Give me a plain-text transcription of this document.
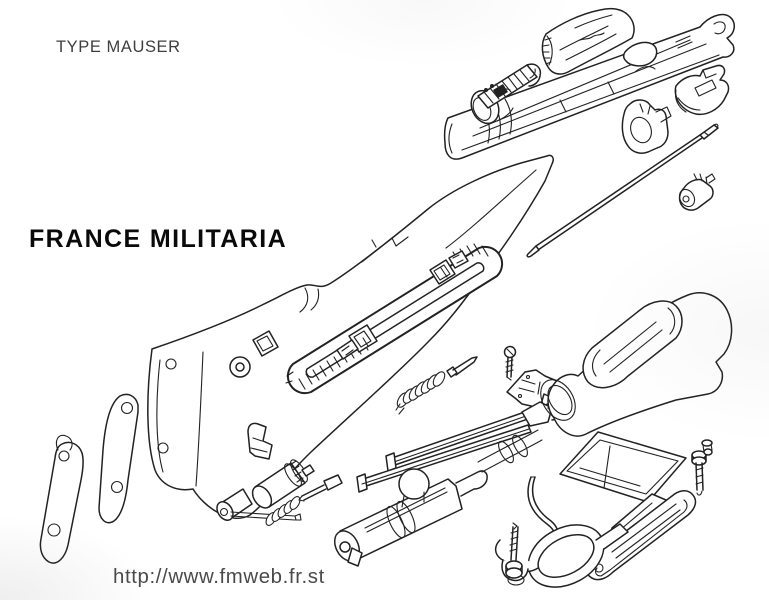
TYPE MAUSER
FRANCE MILITARIA
http://www.fmweb.fr.st
